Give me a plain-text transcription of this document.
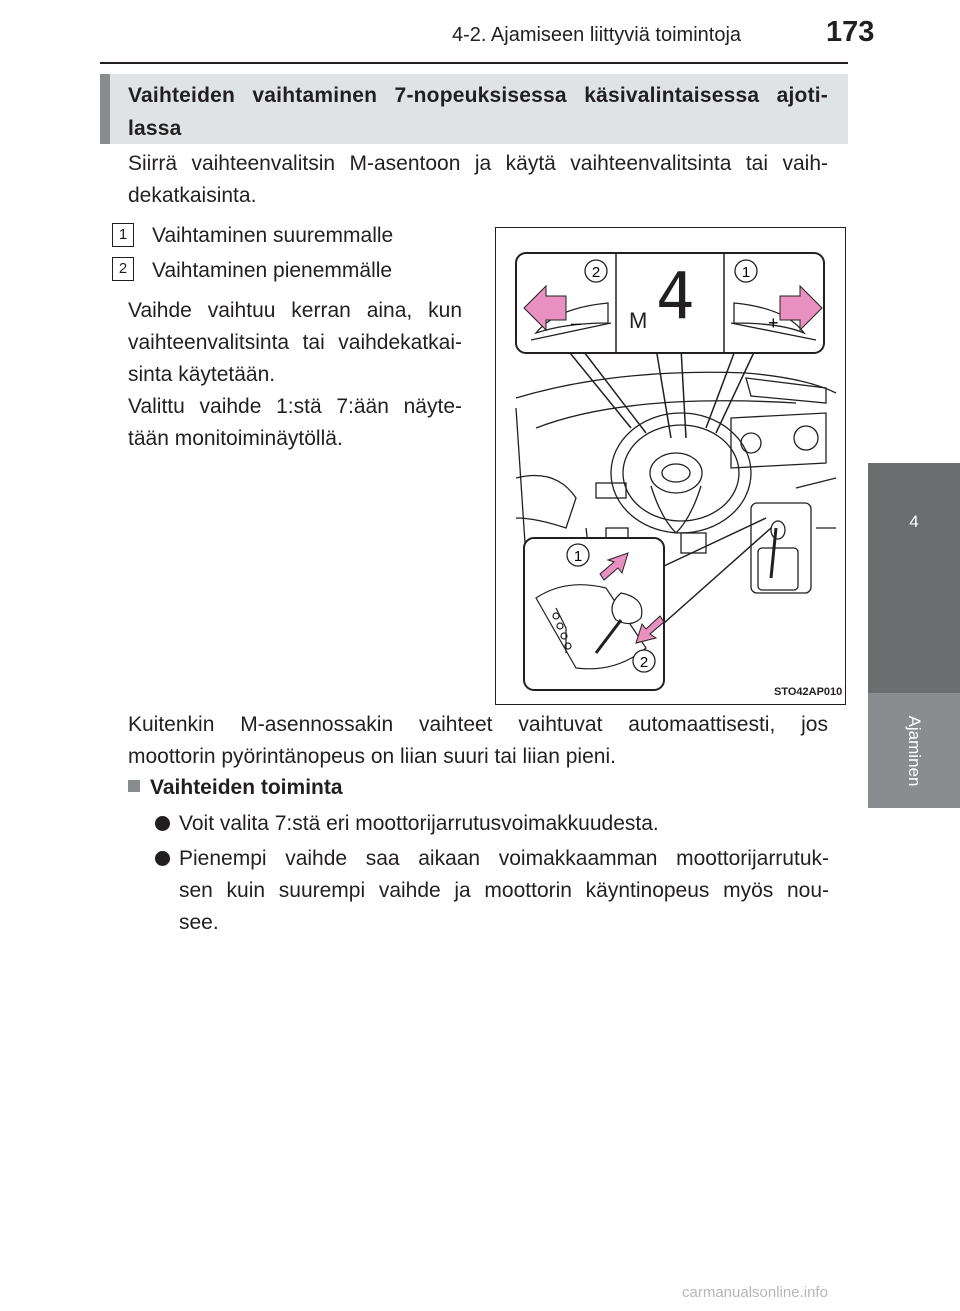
4-2. Ajamiseen liittyviä toimintoja	173
4
Ajaminen
Vaihteiden vaihtaminen 7-nopeuksisessa käsivalintaisessa ajoti-
lassa
Siirrä vaihteenvalitsin M-asentoon ja käytä vaihteenvalitsinta tai vaih-
dekatkaisinta.
1	Vaihtaminen suuremmalle
2	Vaihtaminen pienemmälle
Vaihde vaihtuu kerran aina, kun
vaihteenvalitsinta tai vaihdekatkai-
sinta käytetään.
Valittu vaihde 1:stä 7:ään näyte-
tään monitoiminäytöllä.
–	+
M 4
2	1
1
2
STO42AP010
Kuitenkin M-asennossakin vaihteet vaihtuvat automaattisesti, jos
moottorin pyörintänopeus on liian suuri tai liian pieni.
Vaihteiden toiminta
Voit valita 7:stä eri moottorijarrutusvoimakkuudesta.
Pienempi vaihde saa aikaan voimakkaamman moottorijarrutuk-
sen kuin suurempi vaihde ja moottorin käyntinopeus myös nou-
see.
carmanualsonline.info
